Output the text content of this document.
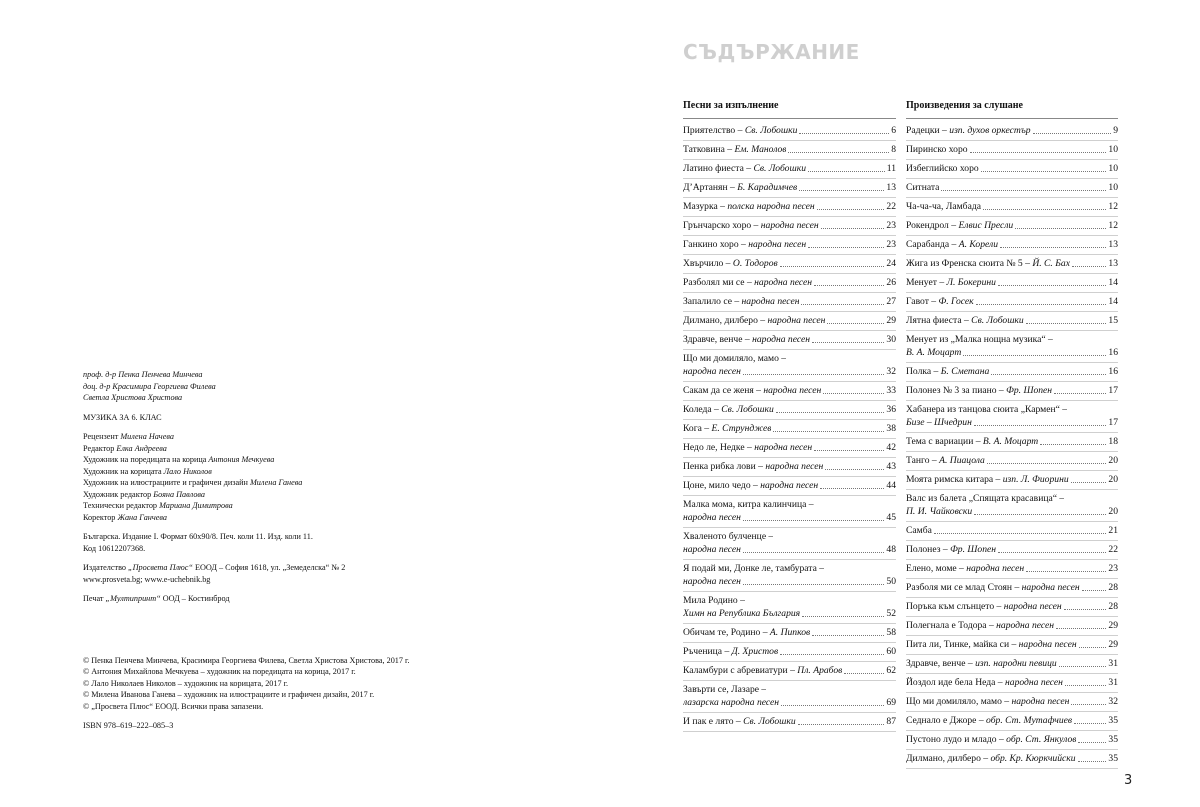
проф. д-р Пенка Пенчева Минчева
доц. д-р Красимира Георгиева Филева
Светла Христова Христова
МУЗИКА ЗА 6. КЛАС
Рецензент Милена Начева
Редактор Елка Андреева
Художник на поредицата на корица Антония Мечкуева
Художник на корицата Лало Николов
Художник на илюстрациите и графичен дизайн Милена Ганева
Художник редактор Бояна Павлова
Технически редактор Мариана Димитрова
Коректор Жана Ганчева
Българска. Издание I. Формат 60х90/8. Печ. коли 11. Изд. коли 11.
Код 10612207368.
Издателство „Просвета Плюс“ ЕООД – София 1618, ул. „Земеделска“ № 2
www.prosveta.bg; www.e-uchebnik.bg
Печат „Мултипринт“ ООД – Костинброд
© Пенка Пенчева Минчева, Красимира Георгиева Филева, Светла Христова Христова, 2017 г.
© Антония Михайлова Мечкуева – художник на поредицата на корица, 2017 г.
© Лало Николаев Николов – художник на корицата, 2017 г.
© Милена Иванова Ганева – художник на илюстрациите и графичен дизайн, 2017 г.
© „Просвета Плюс“ ЕООД. Всички права запазени.
ISBN 978–619–222–085–3
СЪДЪРЖАНИЕ
Песни за изпълнение	Произведения за слушане
Приятелство – Св. Лобошки	6
Татковина – Ем. Манолов	8
Латино фиеста – Св. Лобошки	11
Д’Артанян – Б. Карадимчев	13
Мазурка – полска народна песен	22
Грънчарско хоро – народна песен	23
Ганкино хоро – народна песен	23
Хвърчило – О. Тодоров	24
Разболял ми се – народна песен	26
Запалило се – народна песен	27
Дилмано, дилберо – народна песен	29
Здравче, венче – народна песен	30
Що ми домиляло, мамо –
народна песен	32
Сакам да се женя – народна песен	33
Коледа – Св. Лобошки	36
Кога – Е. Струнджев	38
Недо ле, Недке – народна песен	42
Пенка рибка лови – народна песен	43
Цоне, мило чедо – народна песен	44
Малка мома, китра калинчица –
народна песен	45
Хваленото булченце –
народна песен	48
Я подай ми, Донке ле, тамбурата –
народна песен	50
Мила Родино –
Химн на Република България	52
Обичам те, Родино – А. Пипков	58
Ръченица – Д. Христов	60
Каламбури с абревиатури – Пл. Арабов	62
Завърти се, Лазаре –
лазарска народна песен	69
И пак е лято – Св. Лобошки	87
Радецки – изп. духов оркестър	9
Пиринско хоро	10
Избеглийско хоро	10
Ситната	10
Ча-ча-ча, Ламбада	12
Рокендрол – Елвис Пресли	12
Сарабанда – А. Корели	13
Жига из Френска сюита № 5 – Й. С. Бах	13
Менует – Л. Бокерини	14
Гавот – Ф. Госек	14
Лятна фиеста – Св. Лобошки	15
Менует из „Малка нощна музика“ –
В. А. Моцарт	16
Полка – Б. Сметана	16
Полонез № 3 за пиано – Фр. Шопен	17
Хабанера из танцова сюита „Кармен“ –
Бизе – Шчедрин	17
Тема с вариации – В. А. Моцарт	18
Танго – А. Пиацола	20
Моята римска китара – изп. Л. Фиорини	20
Валс из балета „Спящата красавица“ –
П. И. Чайковски	20
Самба	21
Полонез – Фр. Шопен	22
Елено, моме – народна песен	23
Разболя ми се млад Стоян – народна песен	28
Поръка към слънцето – народна песен	28
Полегнала е Тодора – народна песен	29
Пита ли, Тинке, майка си – народна песен	29
Здравче, венче – изп. народни певици	31
Йоздол иде бела Неда – народна песен	31
Що ми домиляло, мамо – народна песен	32
Седнало е Джоре – обр. Ст. Мутафчиев	35
Пустоно лудо и младо – обр. Ст. Янкулов	35
Дилмано, дилберо – обр. Кр. Кюркчийски	35
3
